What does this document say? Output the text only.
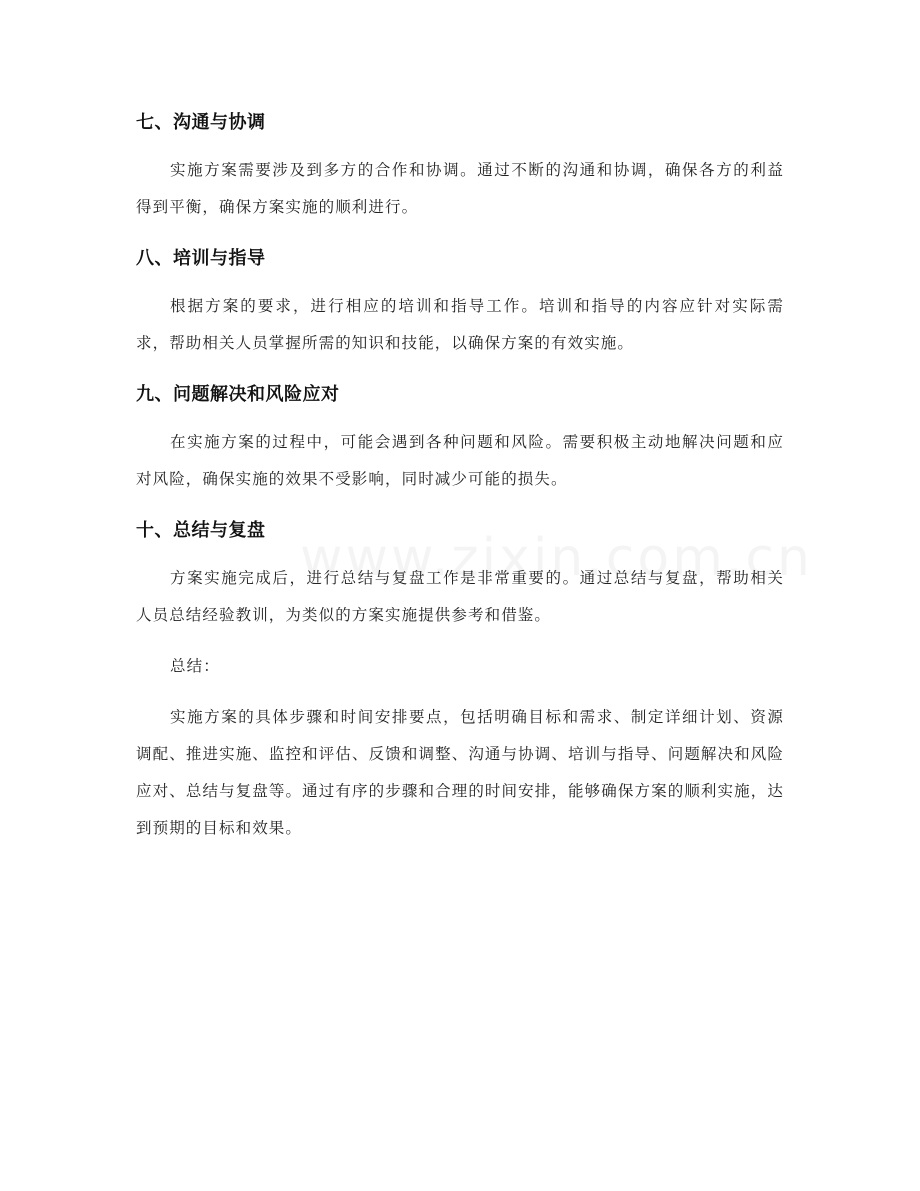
七、沟通与协调

实施方案需要涉及到多方的合作和协调。通过不断的沟通和协调，确保各方的利益得到平衡，确保方案实施的顺利进行。

八、培训与指导

根据方案的要求，进行相应的培训和指导工作。培训和指导的内容应针对实际需求，帮助相关人员掌握所需的知识和技能，以确保方案的有效实施。

九、问题解决和风险应对

在实施方案的过程中，可能会遇到各种问题和风险。需要积极主动地解决问题和应对风险，确保实施的效果不受影响，同时减少可能的损失。

十、总结与复盘

方案实施完成后，进行总结与复盘工作是非常重要的。通过总结与复盘，帮助相关人员总结经验教训，为类似的方案实施提供参考和借鉴。

总结：

实施方案的具体步骤和时间安排要点，包括明确目标和需求、制定详细计划、资源调配、推进实施、监控和评估、反馈和调整、沟通与协调、培训与指导、问题解决和风险应对、总结与复盘等。通过有序的步骤和合理的时间安排，能够确保方案的顺利实施，达到预期的目标和效果。
